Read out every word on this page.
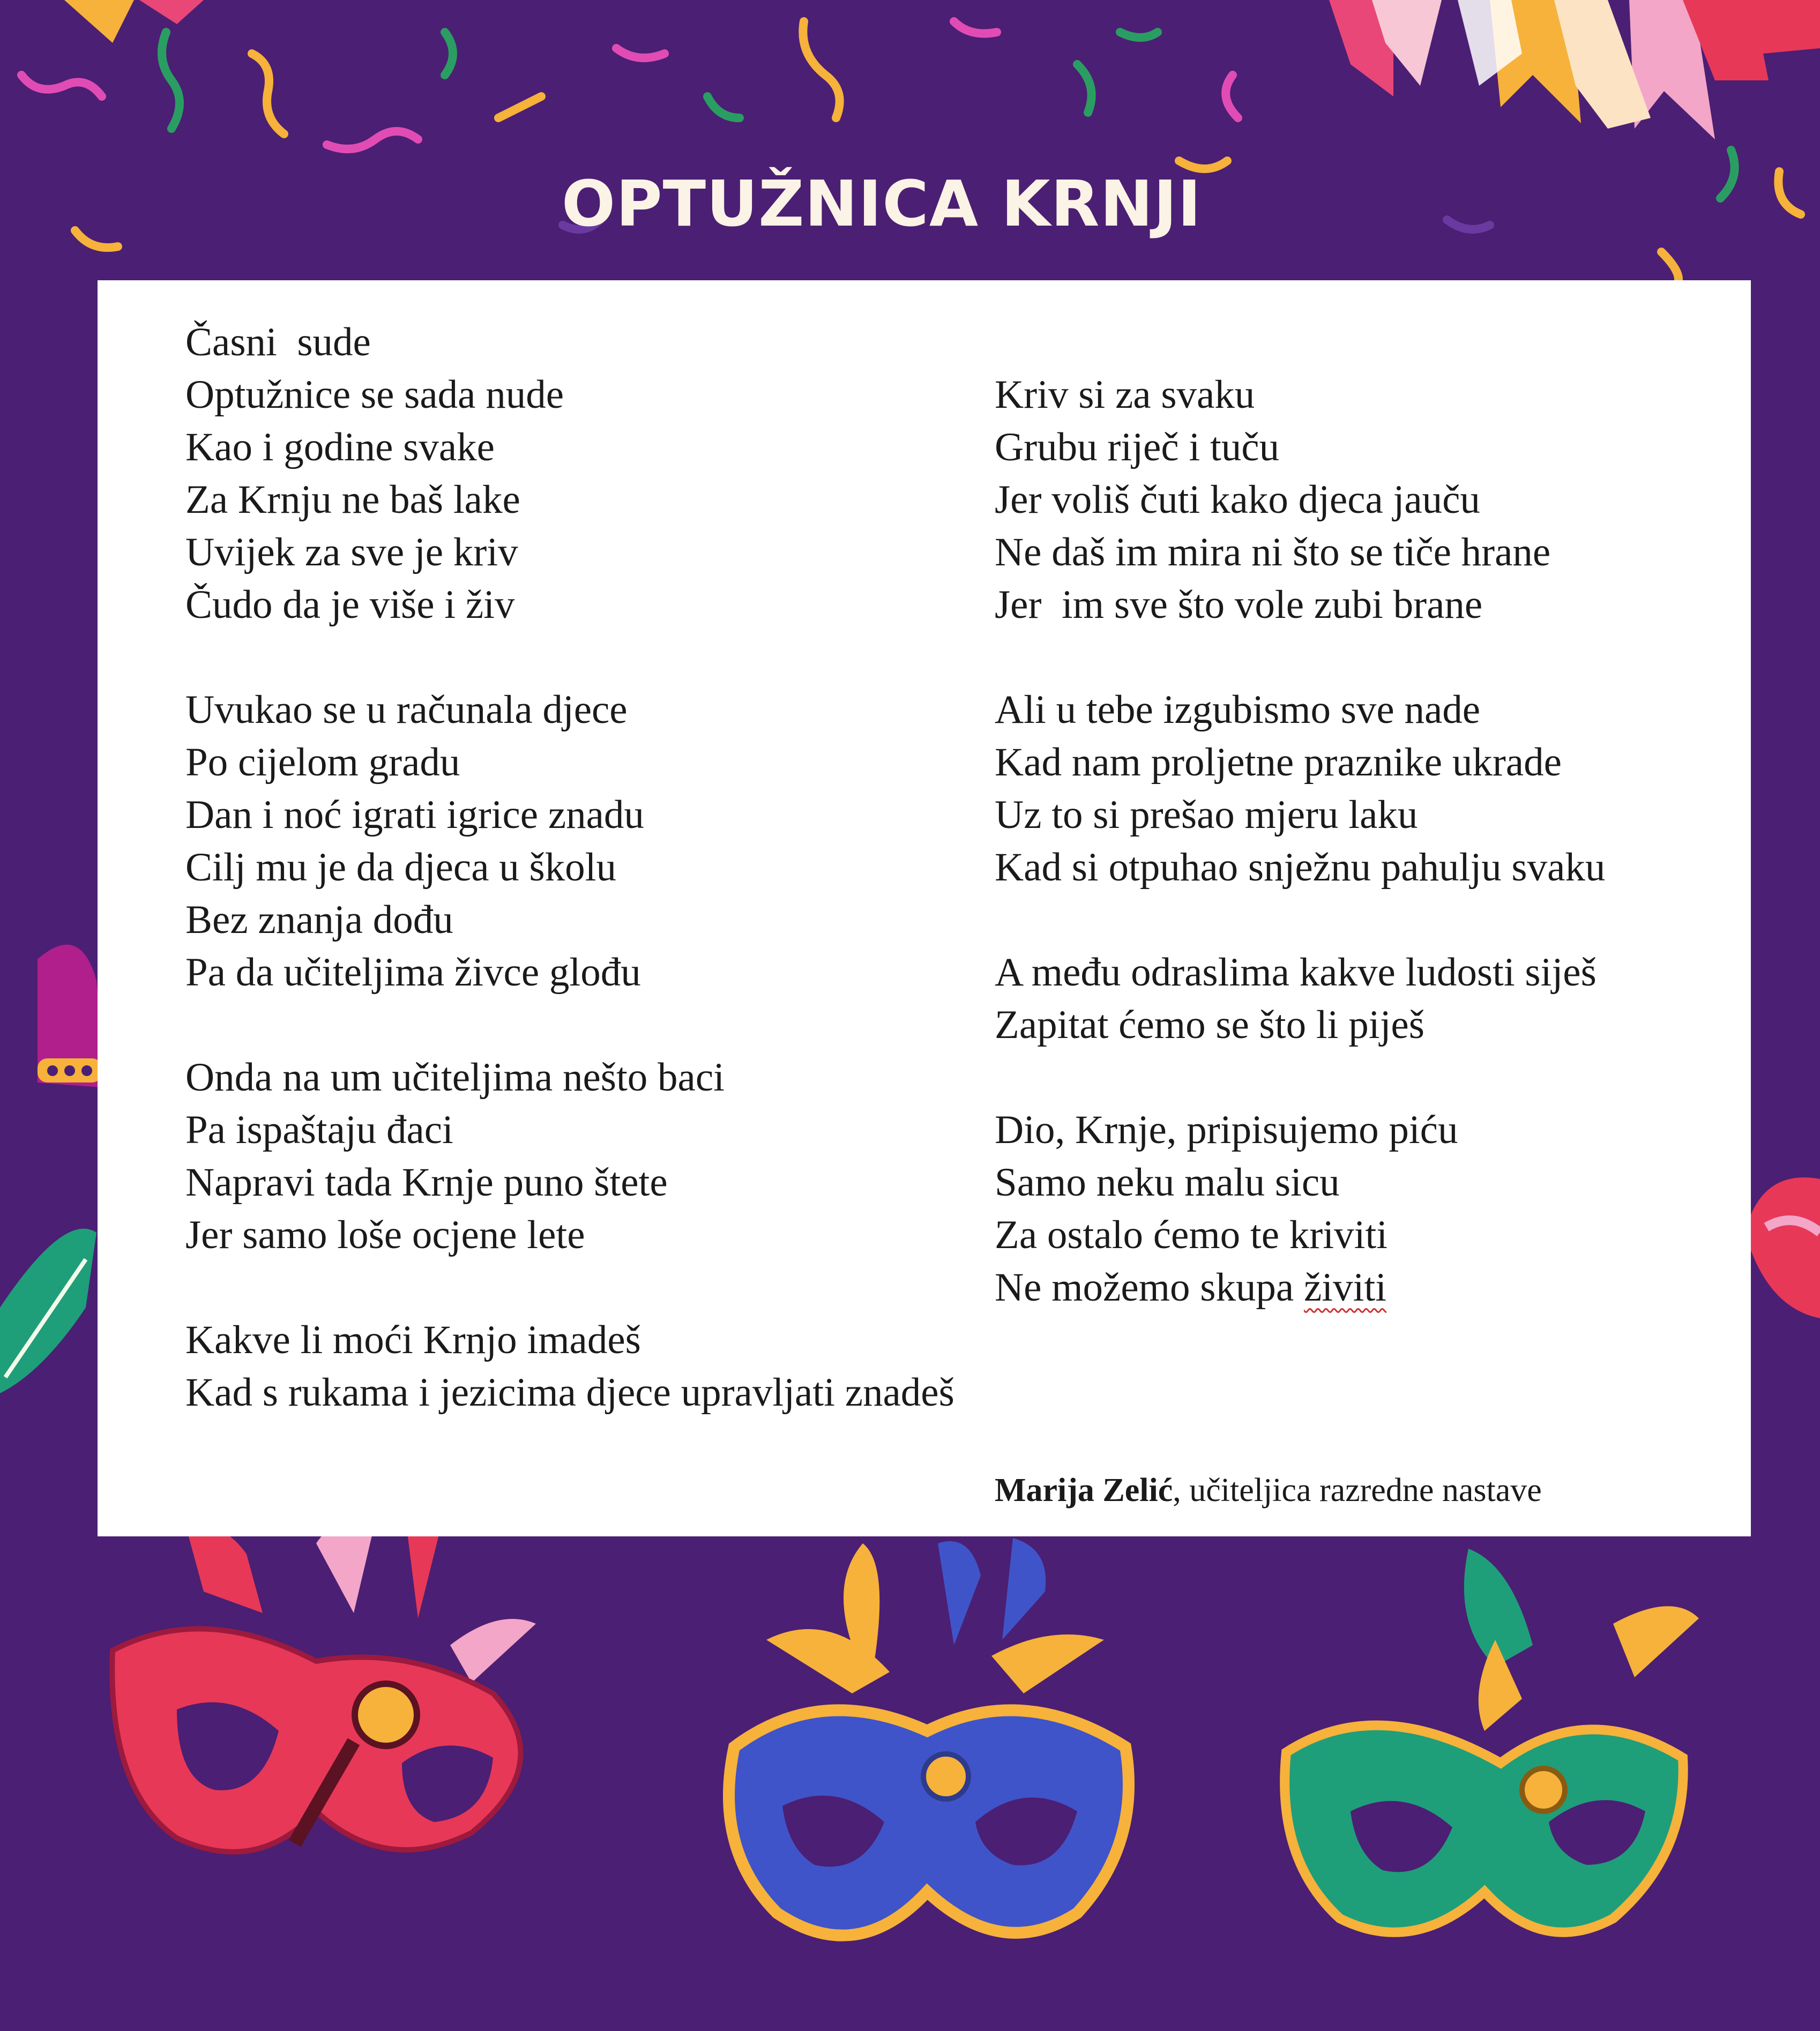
OPTUŽNICA KRNJI
Časni  sude
Optužnice se sada nude
Kao i godine svake
Za Krnju ne baš lake
Uvijek za sve je kriv
Čudo da je više i živ
Uvukao se u računala djece
Po cijelom gradu
Dan i noć igrati igrice znadu
Cilj mu je da djeca u školu
Bez znanja dođu
Pa da učiteljima živce glođu
Onda na um učiteljima nešto baci
Pa ispaštaju đaci
Napravi tada Krnje puno štete
Jer samo loše ocjene lete
Kakve li moći Krnjo imadeš
Kad s rukama i jezicima djece upravljati znadeš
Kriv si za svaku
Grubu riječ i tuču
Jer voliš čuti kako djeca jauču
Ne daš im mira ni što se tiče hrane
Jer  im sve što vole zubi brane
Ali u tebe izgubismo sve nade
Kad nam proljetne praznike ukrade
Uz to si prešao mjeru laku
Kad si otpuhao snježnu pahulju svaku
A među odraslima kakve ludosti siješ
Zapitat ćemo se što li piješ
Dio, Krnje, pripisujemo piću
Samo neku malu sicu
Za ostalo ćemo te kriviti
Ne možemo skupa živiti
Marija Zelić, učiteljica razredne nastave
